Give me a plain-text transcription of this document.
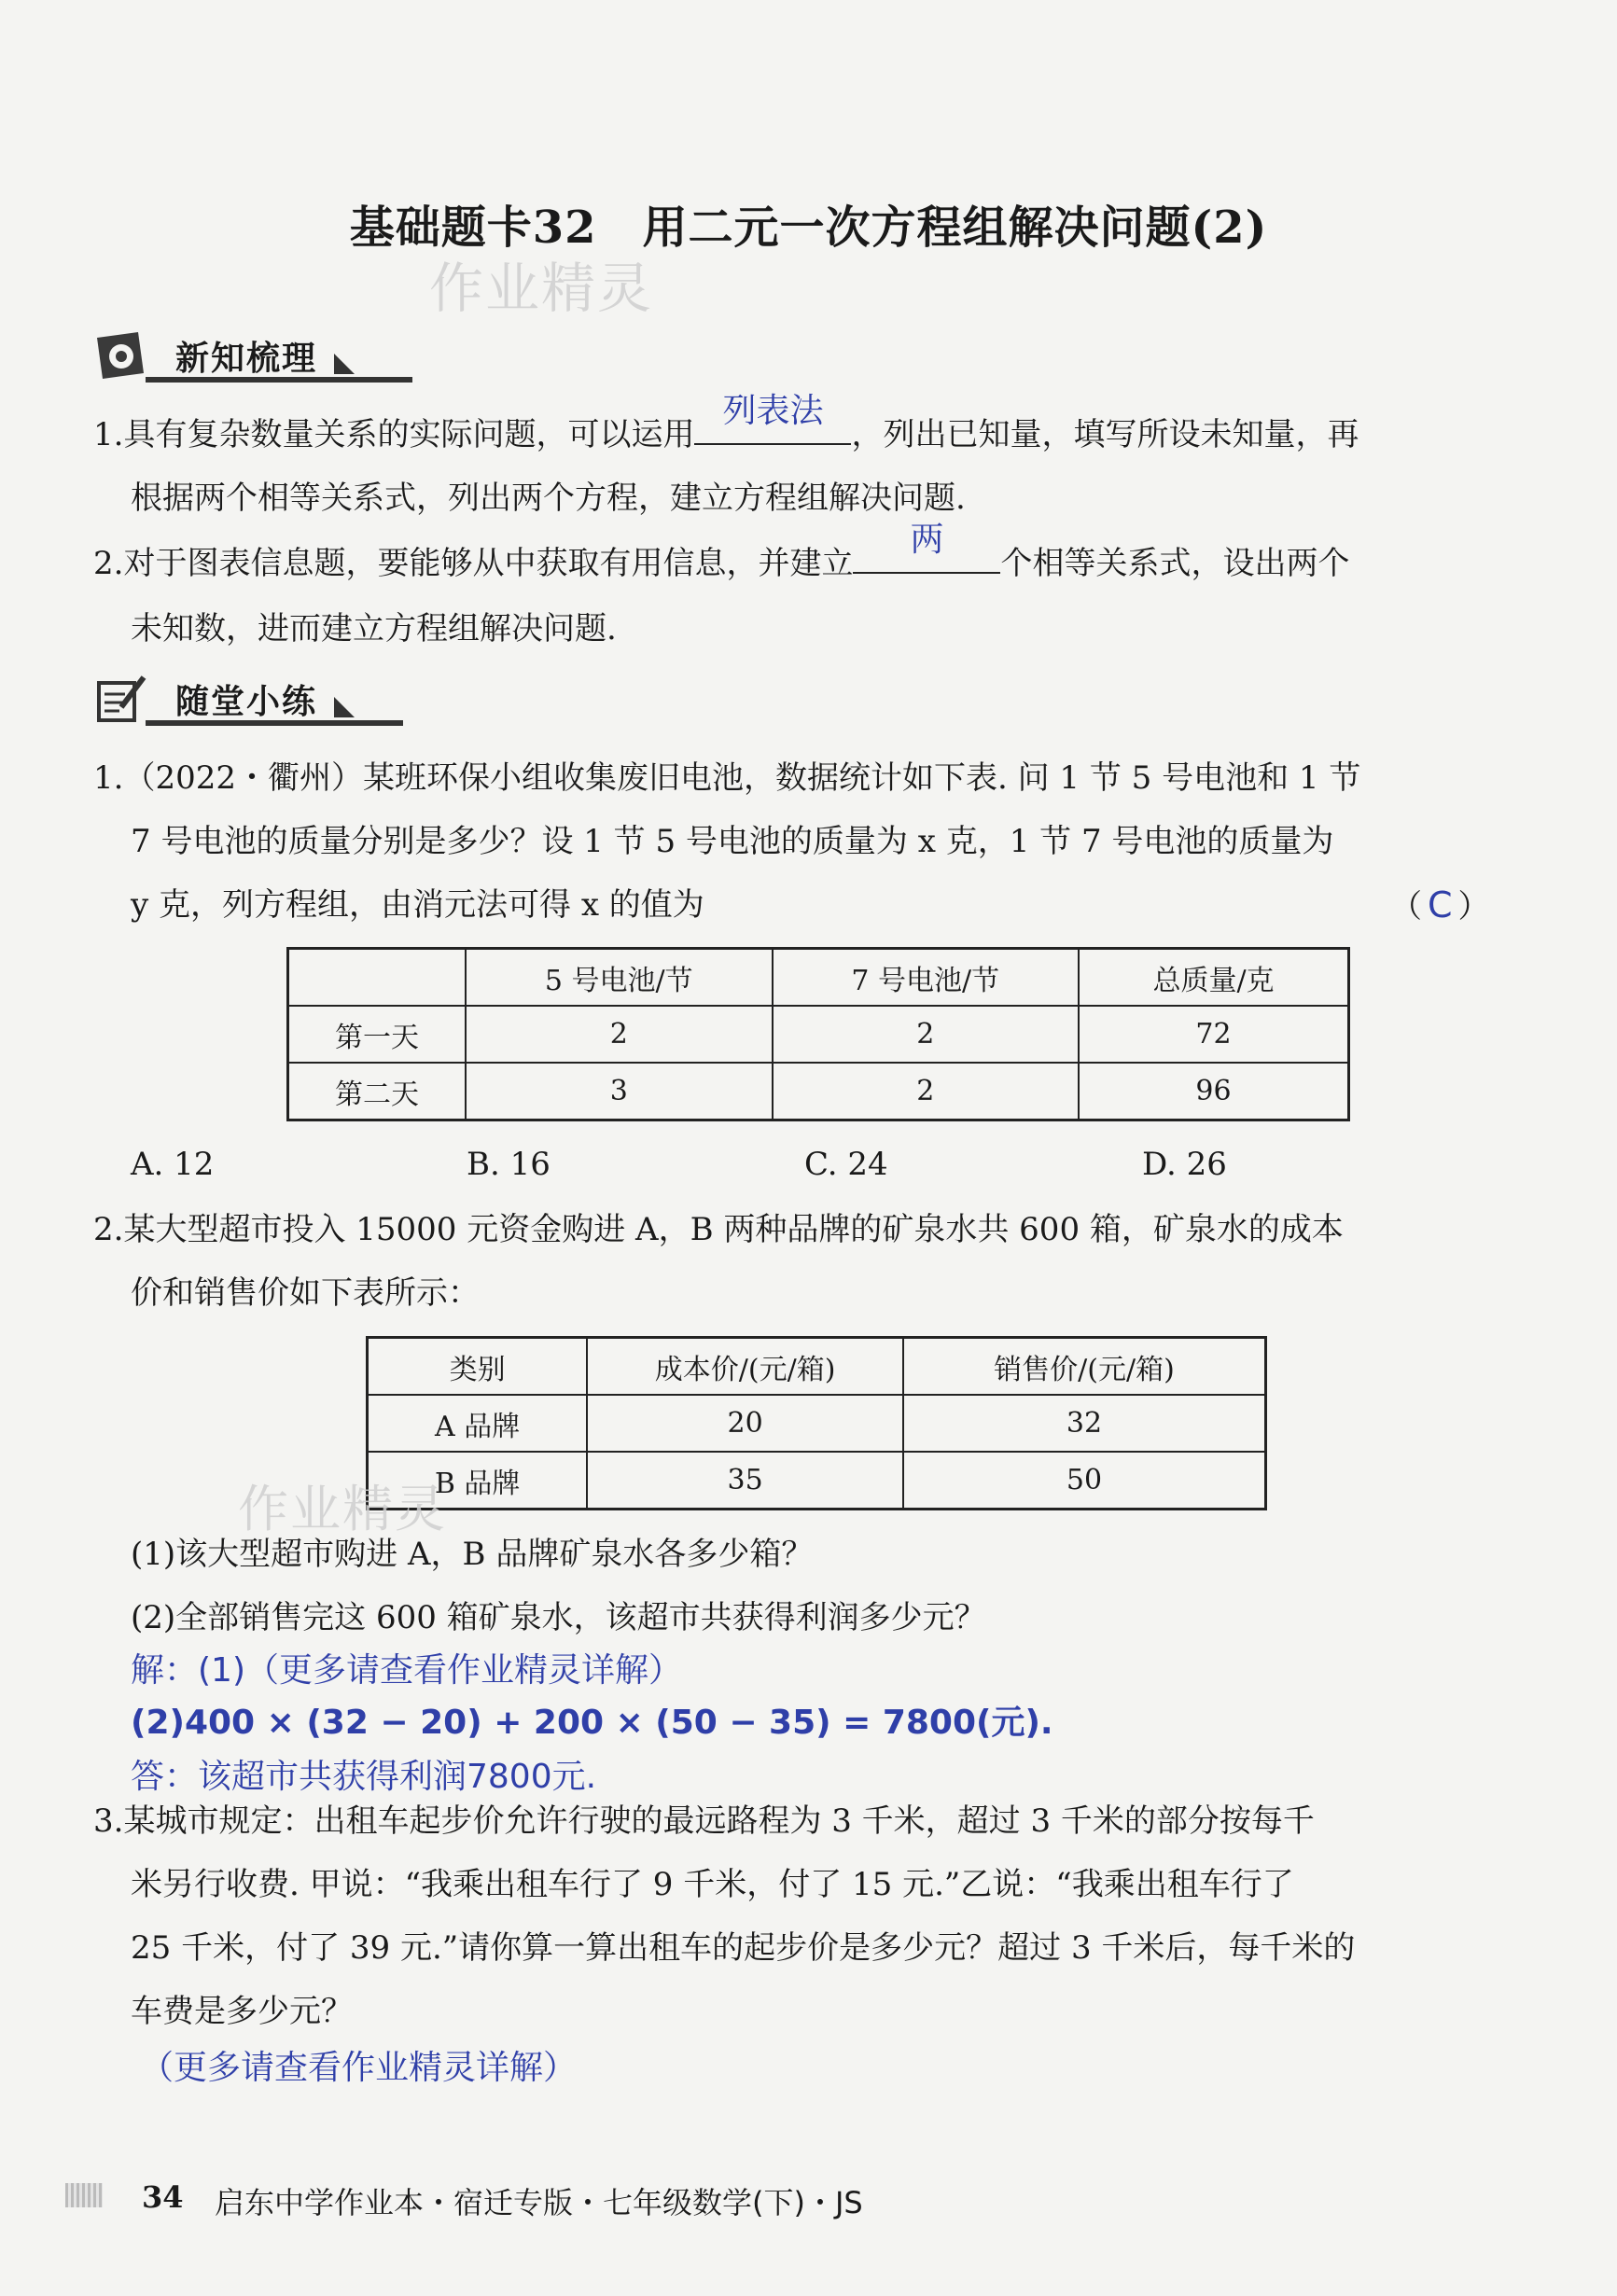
基础题卡32　用二元一次方程组解决问题(2)
作业精灵
新知梳理
1.具有复杂数量关系的实际问题，可以运用
列表法
，列出已知量，填写所设未知量，再
根据两个相等关系式，列出两个方程，建立方程组解决问题.
2.对于图表信息题，要能够从中获取有用信息，并建立
两
个相等关系式，设出两个
未知数，进而建立方程组解决问题.
随堂小练
1.（2022・衢州）某班环保小组收集废旧电池，数据统计如下表. 问 1 节 5 号电池和 1 节
7 号电池的质量分别是多少？设 1 节 5 号电池的质量为 x 克，1 节 7 号电池的质量为
y 克，列方程组，由消元法可得 x 的值为	（ C ）
	5 号电池/节	7 号电池/节	总质量/克
第一天	2	2	72
第二天	3	2	96
A. 12	B. 16	C. 24	D. 26
2.某大型超市投入 15000 元资金购进 A，B 两种品牌的矿泉水共 600 箱，矿泉水的成本
价和销售价如下表所示：
类别	成本价/(元/箱)	销售价/(元/箱)
A 品牌	20	32
B 品牌	35	50
作业精灵
(1)该大型超市购进 A，B 品牌矿泉水各多少箱？
(2)全部销售完这 600 箱矿泉水，该超市共获得利润多少元？
解：(1)（更多请查看作业精灵详解）
(2)400 × (32 − 20) + 200 × (50 − 35) = 7800(元).
答：该超市共获得利润7800元.
3.某城市规定：出租车起步价允许行驶的最远路程为 3 千米，超过 3 千米的部分按每千
米另行收费. 甲说：“我乘出租车行了 9 千米，付了 15 元.”乙说：“我乘出租车行了
25 千米，付了 39 元.”请你算一算出租车的起步价是多少元？超过 3 千米后，每千米的
车费是多少元？
（更多请查看作业精灵详解）
34 启东中学作业本・宿迁专版・七年级数学(下)・JS
